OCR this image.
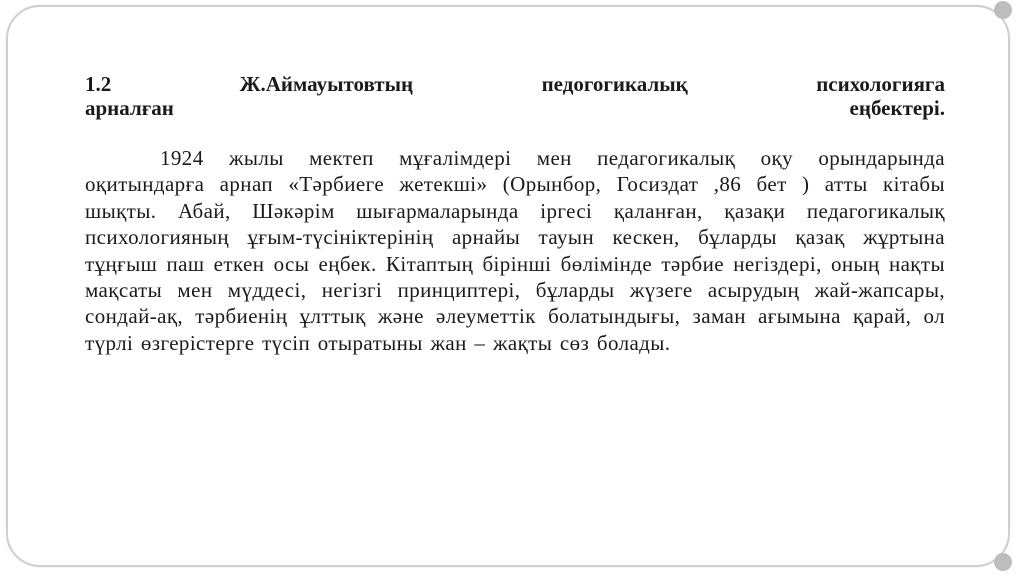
1.2	Ж.Аймауытовтың	педогогикалық	психологияга
арналған	еңбектері.

1924 жылы мектеп мұғалімдері мен педагогикалық оқу орындарында оқитындарға арнап «Тәрбиеге жетекші» (Орынбор, Госиздат ,86 бет ) атты кітабы шықты. Абай, Шәкәрім шығармаларында іргесі қаланған, қазақи педагогикалық психологияның ұғым-түсініктерінің арнайы тауын кескен, бұларды қазақ жұртына тұңғыш паш еткен осы еңбек. Кітаптың бірінші бөлімінде тәрбие негіздері, оның нақты мақсаты мен мүддесі, негізгі принциптері, бұларды жүзеге асырудың жай-жапсары, сондай-ақ, тәрбиенің ұлттық және әлеуметтік болатындығы, заман ағымына қарай, ол түрлі өзгерістерге түсіп отыратыны жан – жақты сөз болады.
